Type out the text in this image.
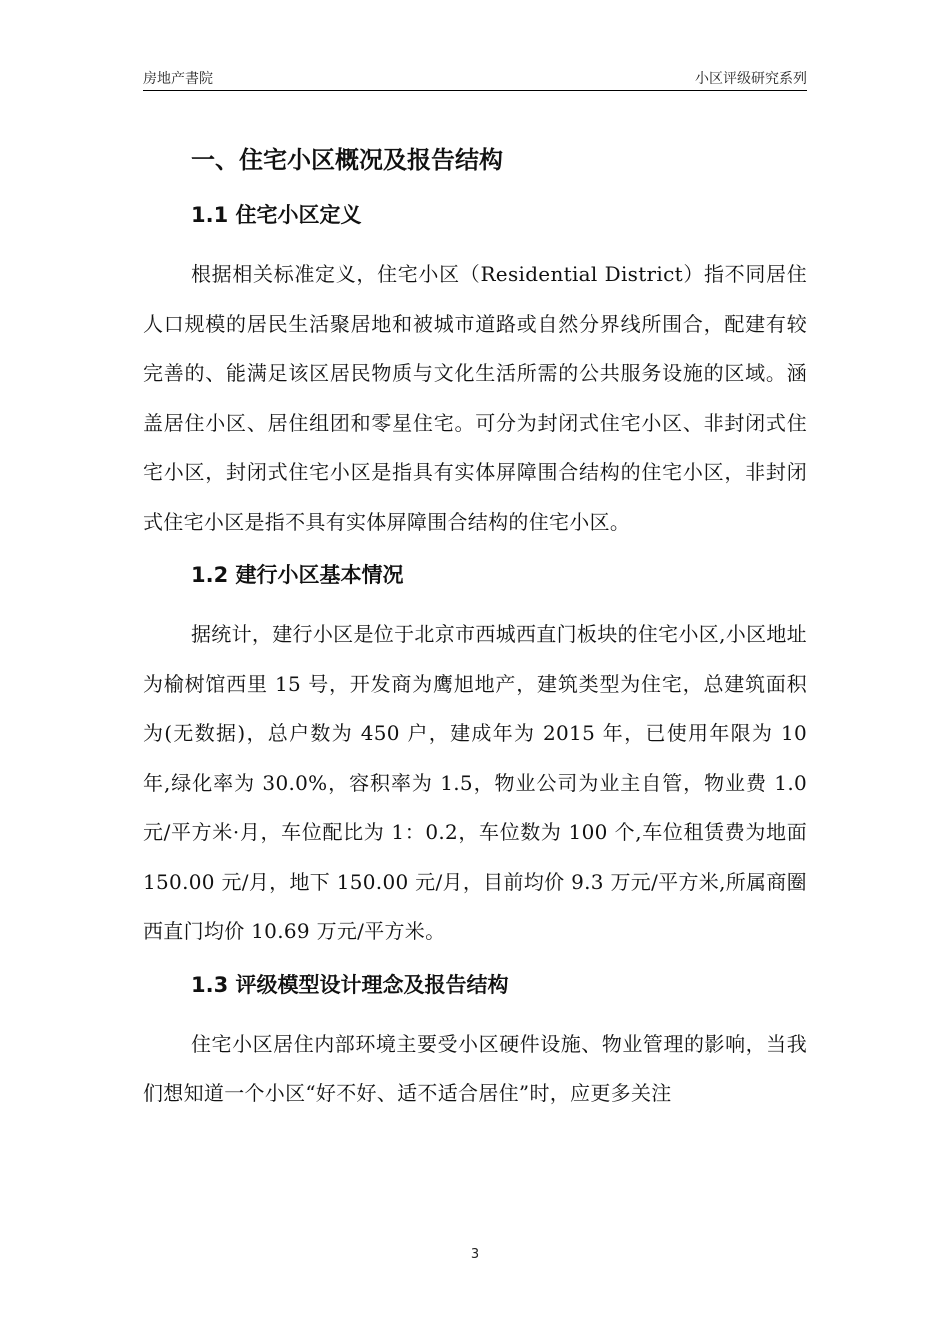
房地产書院	小区评级研究系列
一、住宅小区概况及报告结构
1.1 住宅小区定义

根据相关标准定义，住宅小区（Residential District）指不同居住人口规模的居民生活聚居地和被城市道路或自然分界线所围合，配建有较完善的、能满足该区居民物质与文化生活所需的公共服务设施的区域。涵盖居住小区、居住组团和零星住宅。可分为封闭式住宅小区、非封闭式住宅小区，封闭式住宅小区是指具有实体屏障围合结构的住宅小区，非封闭式住宅小区是指不具有实体屏障围合结构的住宅小区。

1.2 建行小区基本情况

据统计，建行小区是位于北京市西城西直门板块的住宅小区,小区地址为榆树馆西里 15 号，开发商为鹰旭地产，建筑类型为住宅，总建筑面积为(无数据)，总户数为 450 户，建成年为 2015 年，已使用年限为 10 年,绿化率为 30.0%，容积率为 1.5，物业公司为业主自管，物业费 1.0 元/平方米·月，车位配比为 1：0.2，车位数为 100 个,车位租赁费为地面 150.00 元/月，地下 150.00 元/月，目前均价 9.3 万元/平方米,所属商圈西直门均价 10.69 万元/平方米。

1.3 评级模型设计理念及报告结构

住宅小区居住内部环境主要受小区硬件设施、物业管理的影响，当我们想知道一个小区“好不好、适不适合居住”时，应更多关注

3
